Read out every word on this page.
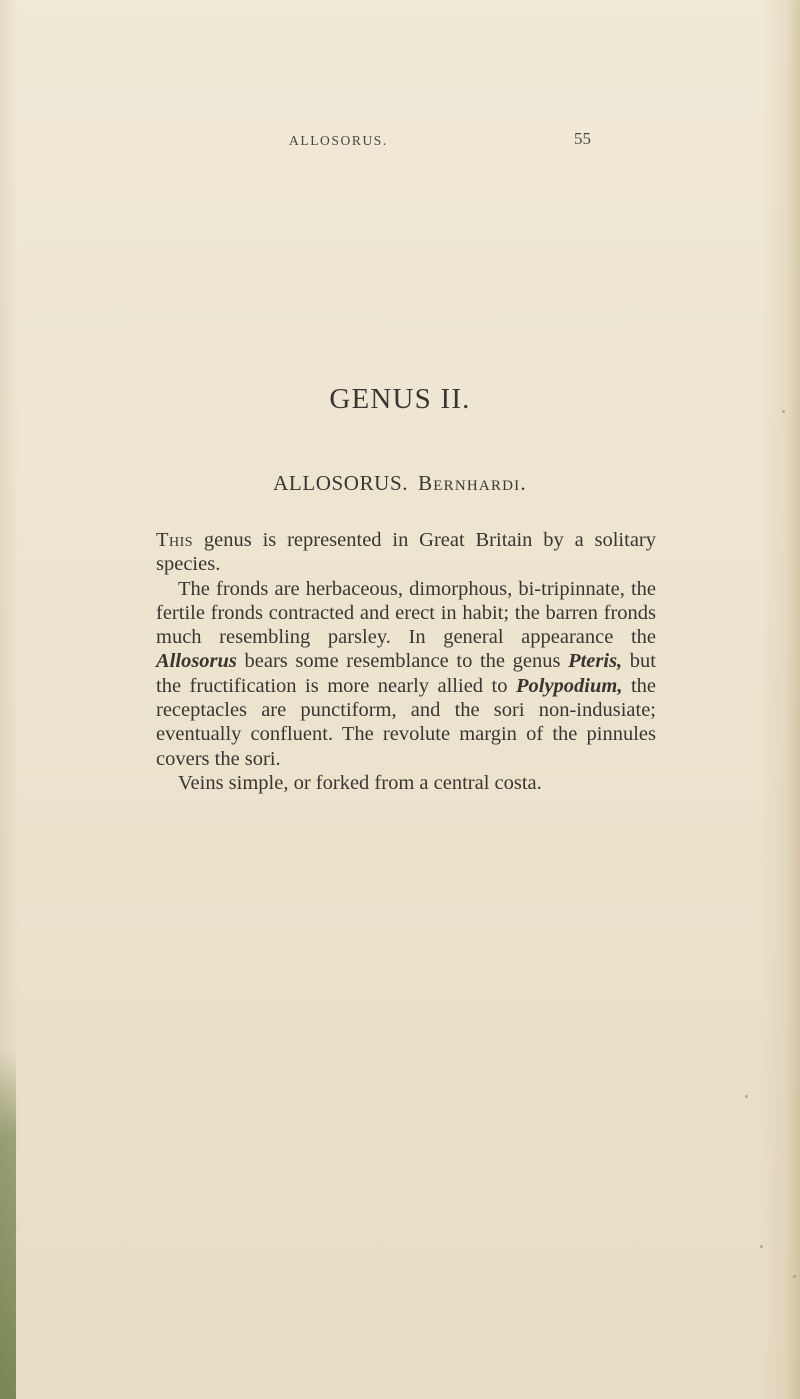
ALLOSORUS.	55
GENUS II.
ALLOSORUS. Bernhardi.

This genus is represented in Great Britain by a solitary species.

The fronds are herbaceous, dimorphous, bi-tripinnate, the fertile fronds contracted and erect in habit; the barren fronds much resembling parsley. In general appearance the Allosorus bears some resemblance to the genus Pteris, but the fructification is more nearly allied to Polypodium, the receptacles are punctiform, and the sori non-indusiate; eventually confluent. The revolute margin of the pinnules covers the sori.

Veins simple, or forked from a central costa.
